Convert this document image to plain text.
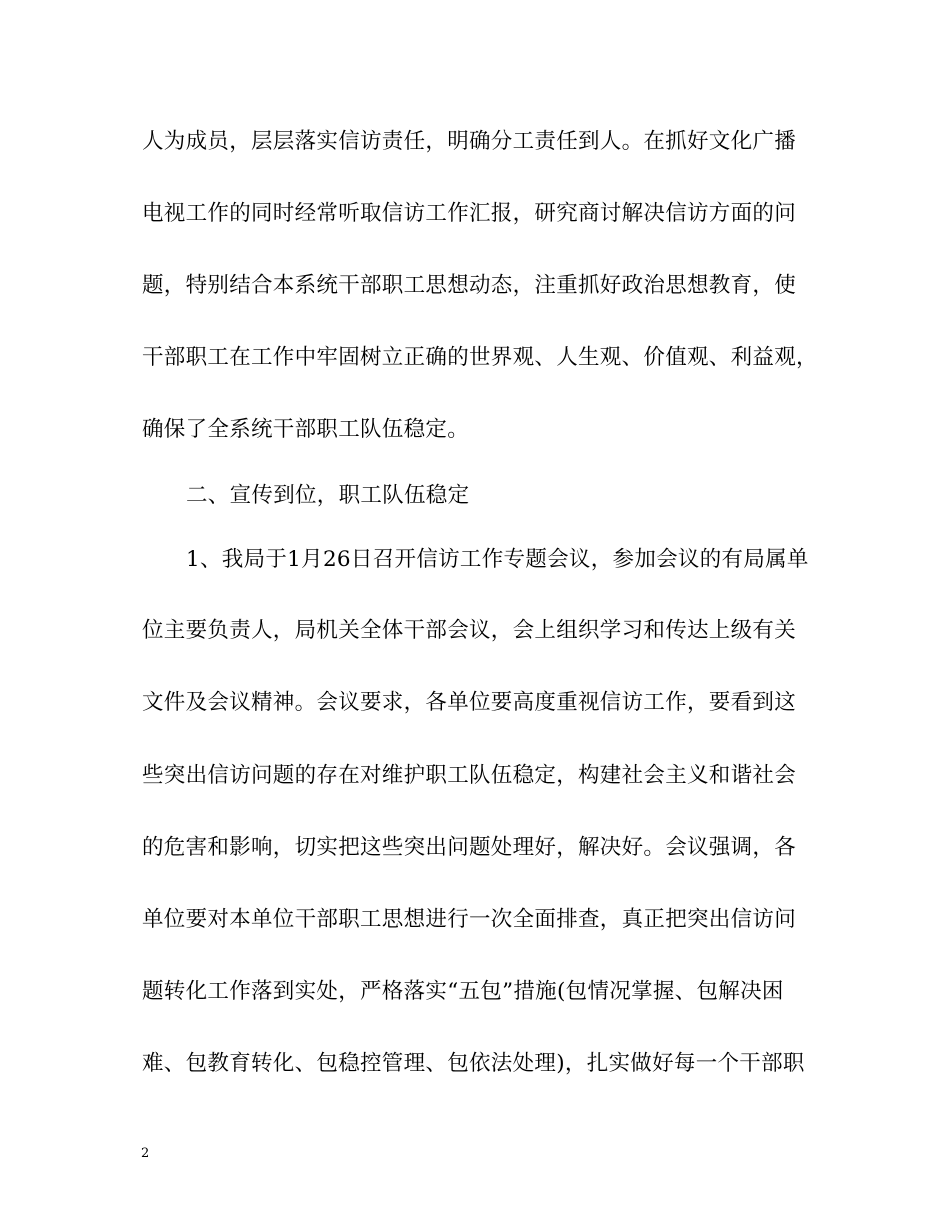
人为成员，层层落实信访责任，明确分工责任到人。在抓好文化广播
电视工作的同时经常听取信访工作汇报，研究商讨解决信访方面的问
题，特别结合本系统干部职工思想动态，注重抓好政治思想教育，使
干部职工在工作中牢固树立正确的世界观、人生观、价值观、利益观，
确保了全系统干部职工队伍稳定。
二、宣传到位，职工队伍稳定
1、我局于1月26日召开信访工作专题会议，参加会议的有局属单
位主要负责人，局机关全体干部会议，会上组织学习和传达上级有关
文件及会议精神。会议要求，各单位要高度重视信访工作，要看到这
些突出信访问题的存在对维护职工队伍稳定，构建社会主义和谐社会
的危害和影响，切实把这些突出问题处理好，解决好。会议强调，各
单位要对本单位干部职工思想进行一次全面排查，真正把突出信访问
题转化工作落到实处，严格落实“五包”措施(包情况掌握、包解决困
难、包教育转化、包稳控管理、包依法处理)，扎实做好每一个干部职
2
